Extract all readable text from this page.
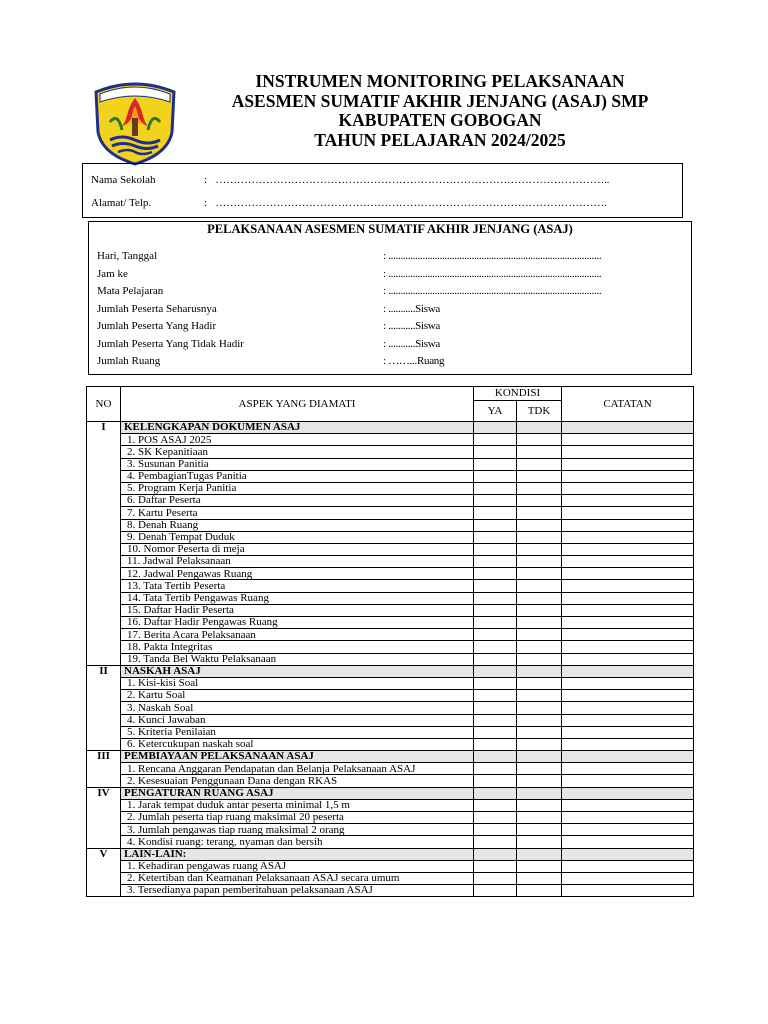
INSTRUMEN MONITORING PELAKSANAAN
ASESMEN SUMATIF AKHIR JENJANG (ASAJ) SMP
KABUPATEN GOBOGAN
TAHUN PELAJARAN 2024/2025
Nama Sekolah	: ………………………………………………………………………………………………..
Alamat/ Telp.	: ……………………………………………………………………………………………….
PELAKSANAAN ASESMEN SUMATIF AKHIR JENJANG (ASAJ)
Hari, Tanggal	: .......................................................................................
Jam ke	: .......................................................................................
Mata Pelajaran	: .......................................................................................
Jumlah Peserta Seharusnya	: ...........Siswa
Jumlah Peserta Yang Hadir	: ...........Siswa
Jumlah Peserta Yang Tidak Hadir	: ...........Siswa
Jumlah Ruang	: ……...Ruang
NO	ASPEK YANG DIAMATI	KONDISI		CATATAN
		YA	TDK	
I	KELENGKAPAN DOKUMEN ASAJ			
	1. POS ASAJ 2025			
	2. SK Kepanitiaan			
	3. Susunan Panitia			
	4. PembagianTugas Panitia			
	5. Program Kerja Panitia			
	6. Daftar Peserta			
	7. Kartu Peserta			
	8. Denah Ruang			
	9. Denah Tempat Duduk			
	10. Nomor Peserta di meja			
	11. Jadwal Pelaksanaan			
	12. Jadwal Pengawas Ruang			
	13. Tata Tertib Peserta			
	14. Tata Tertib Pengawas Ruang			
	15. Daftar Hadir Peserta			
	16. Daftar Hadir Pengawas Ruang			
	17. Berita Acara Pelaksanaan			
	18. Pakta Integritas			
	19. Tanda Bel Waktu Pelaksanaan			
II	NASKAH ASAJ			
	1. Kisi-kisi Soal			
	2. Kartu Soal			
	3. Naskah Soal			
	4. Kunci Jawaban			
	5. Kriteria Penilaian			
	6. Ketercukupan naskah soal			
III	PEMBIAYAAN PELAKSANAAN ASAJ			
	1. Rencana Anggaran Pendapatan dan Belanja Pelaksanaan ASAJ			
	2. Kesesuaian Penggunaan Dana dengan RKAS			
IV	PENGATURAN RUANG ASAJ			
	1. Jarak tempat duduk antar peserta minimal 1,5 m			
	2. Jumlah peserta tiap ruang maksimal 20 peserta			
	3. Jumlah pengawas tiap ruang maksimal 2 orang			
	4. Kondisi ruang: terang, nyaman dan bersih			
V	LAIN-LAIN:			
	1. Kehadiran pengawas ruang ASAJ			
	2. Ketertiban dan Keamanan Pelaksanaan ASAJ secara umum			
	3. Tersedianya papan pemberitahuan pelaksanaan ASAJ			
